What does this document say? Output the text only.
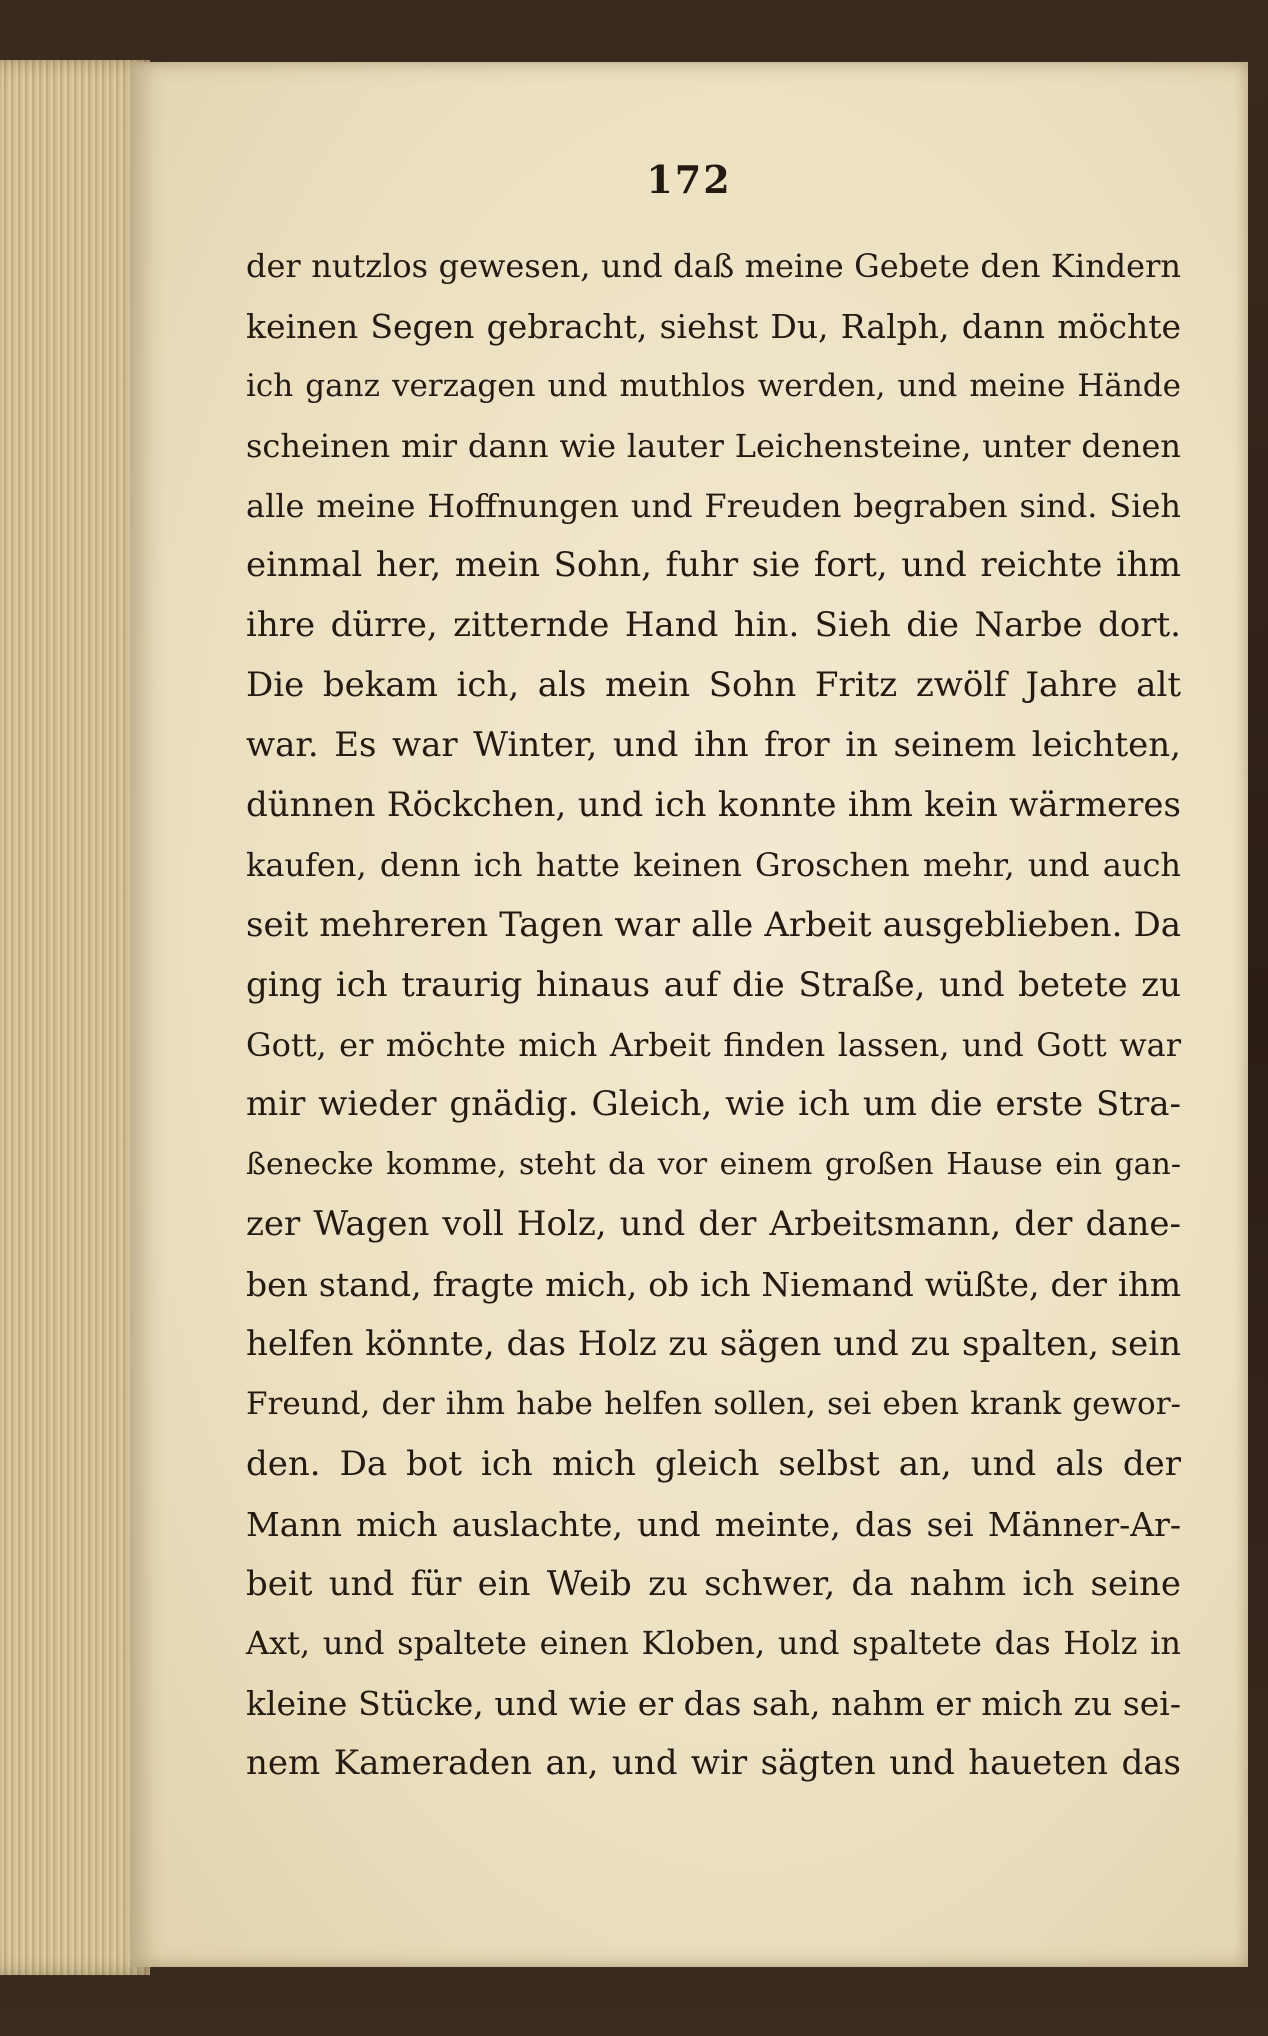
172
der nutzlos gewesen, und daß meine Gebete den Kindern
keinen Segen gebracht, siehst Du, Ralph, dann möchte
ich ganz verzagen und muthlos werden, und meine Hände
scheinen mir dann wie lauter Leichensteine, unter denen
alle meine Hoffnungen und Freuden begraben sind. Sieh
einmal her, mein Sohn, fuhr sie fort, und reichte ihm
ihre dürre, zitternde Hand hin. Sieh die Narbe dort.
Die bekam ich, als mein Sohn Fritz zwölf Jahre alt
war. Es war Winter, und ihn fror in seinem leichten,
dünnen Röckchen, und ich konnte ihm kein wärmeres
kaufen, denn ich hatte keinen Groschen mehr, und auch
seit mehreren Tagen war alle Arbeit ausgeblieben. Da
ging ich traurig hinaus auf die Straße, und betete zu
Gott, er möchte mich Arbeit finden lassen, und Gott war
mir wieder gnädig. Gleich, wie ich um die erste Stra-
ßenecke komme, steht da vor einem großen Hause ein gan-
zer Wagen voll Holz, und der Arbeitsmann, der dane-
ben stand, fragte mich, ob ich Niemand wüßte, der ihm
helfen könnte, das Holz zu sägen und zu spalten, sein
Freund, der ihm habe helfen sollen, sei eben krank gewor-
den. Da bot ich mich gleich selbst an, und als der
Mann mich auslachte, und meinte, das sei Männer-Ar-
beit und für ein Weib zu schwer, da nahm ich seine
Axt, und spaltete einen Kloben, und spaltete das Holz in
kleine Stücke, und wie er das sah, nahm er mich zu sei-
nem Kameraden an, und wir sägten und haueten das
